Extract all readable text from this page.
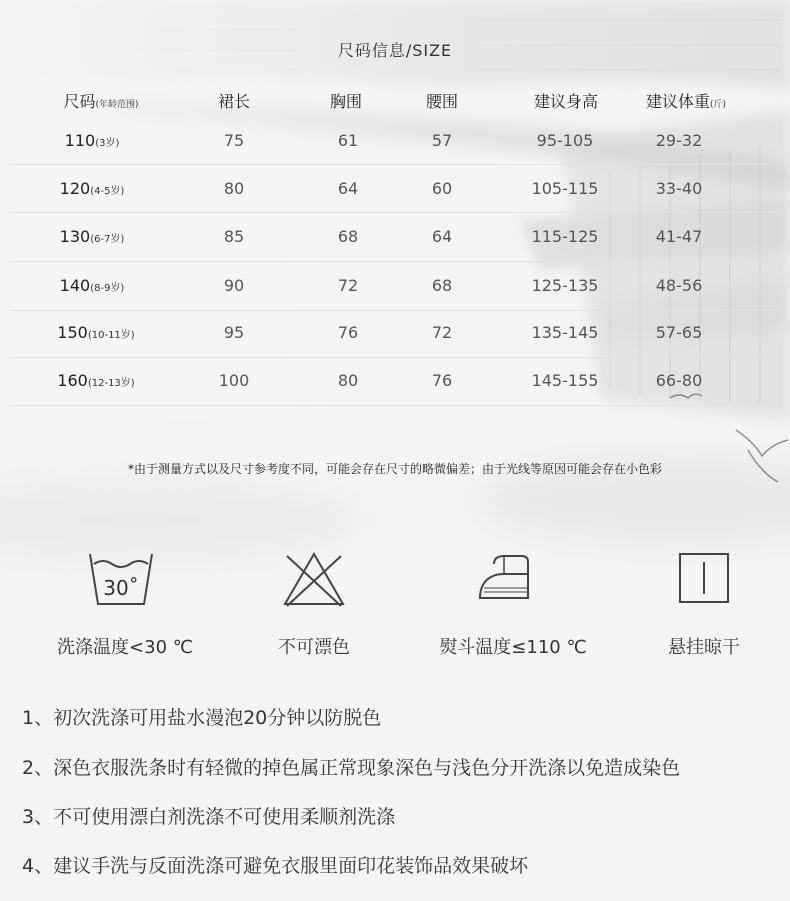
尺码信息/SIZE
尺码(年龄范围)	裙长	胸围	腰围	建议身高	建议体重(斤)
110(3岁)	75	61	57	95-105	29-32
120(4-5岁)	80	64	60	105-115	33-40
130(6-7岁)	85	68	64	115-125	41-47
140(8-9岁)	90	72	68	125-135	48-56
150(10-11岁)	95	76	72	135-145	57-65
160(12-13岁)	100	80	76	145-155	66-80
*由于测量方式以及尺寸参考度不同，可能会存在尺寸的略微偏差；由于光线等原因可能会存在小色彩
30˚
洗涤温度<30 ℃	不可漂色	熨斗温度≤110 ℃	悬挂晾干
1、初次洗涤可用盐水漫泡20分钟以防脱色
2、深色衣服洗条时有轻微的掉色属正常现象深色与浅色分开洗涤以免造成染色
3、不可使用漂白剂洗涤不可使用柔顺剂洗涤
4、建议手洗与反面洗涤可避免衣服里面印花装饰品效果破坏
